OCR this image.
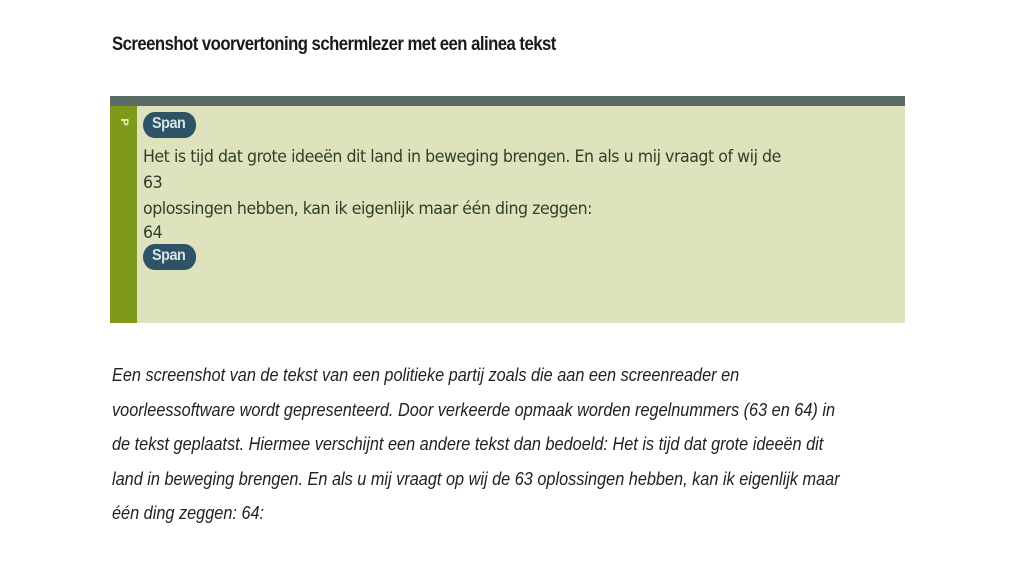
Screenshot voorvertoning schermlezer met een alinea tekst
P	Span
Het is tijd dat grote ideeën dit land in beweging brengen. En als u mij vraagt of wij de
63
oplossingen hebben, kan ik eigenlijk maar één ding zeggen:
64
Span
Een screenshot van de tekst van een politieke partij zoals die aan een screenreader en
voorleessoftware wordt gepresenteerd. Door verkeerde opmaak worden regelnummers (63 en 64) in
de tekst geplaatst. Hiermee verschijnt een andere tekst dan bedoeld: Het is tijd dat grote ideeën dit
land in beweging brengen. En als u mij vraagt op wij de 63 oplossingen hebben, kan ik eigenlijk maar
één ding zeggen: 64:
